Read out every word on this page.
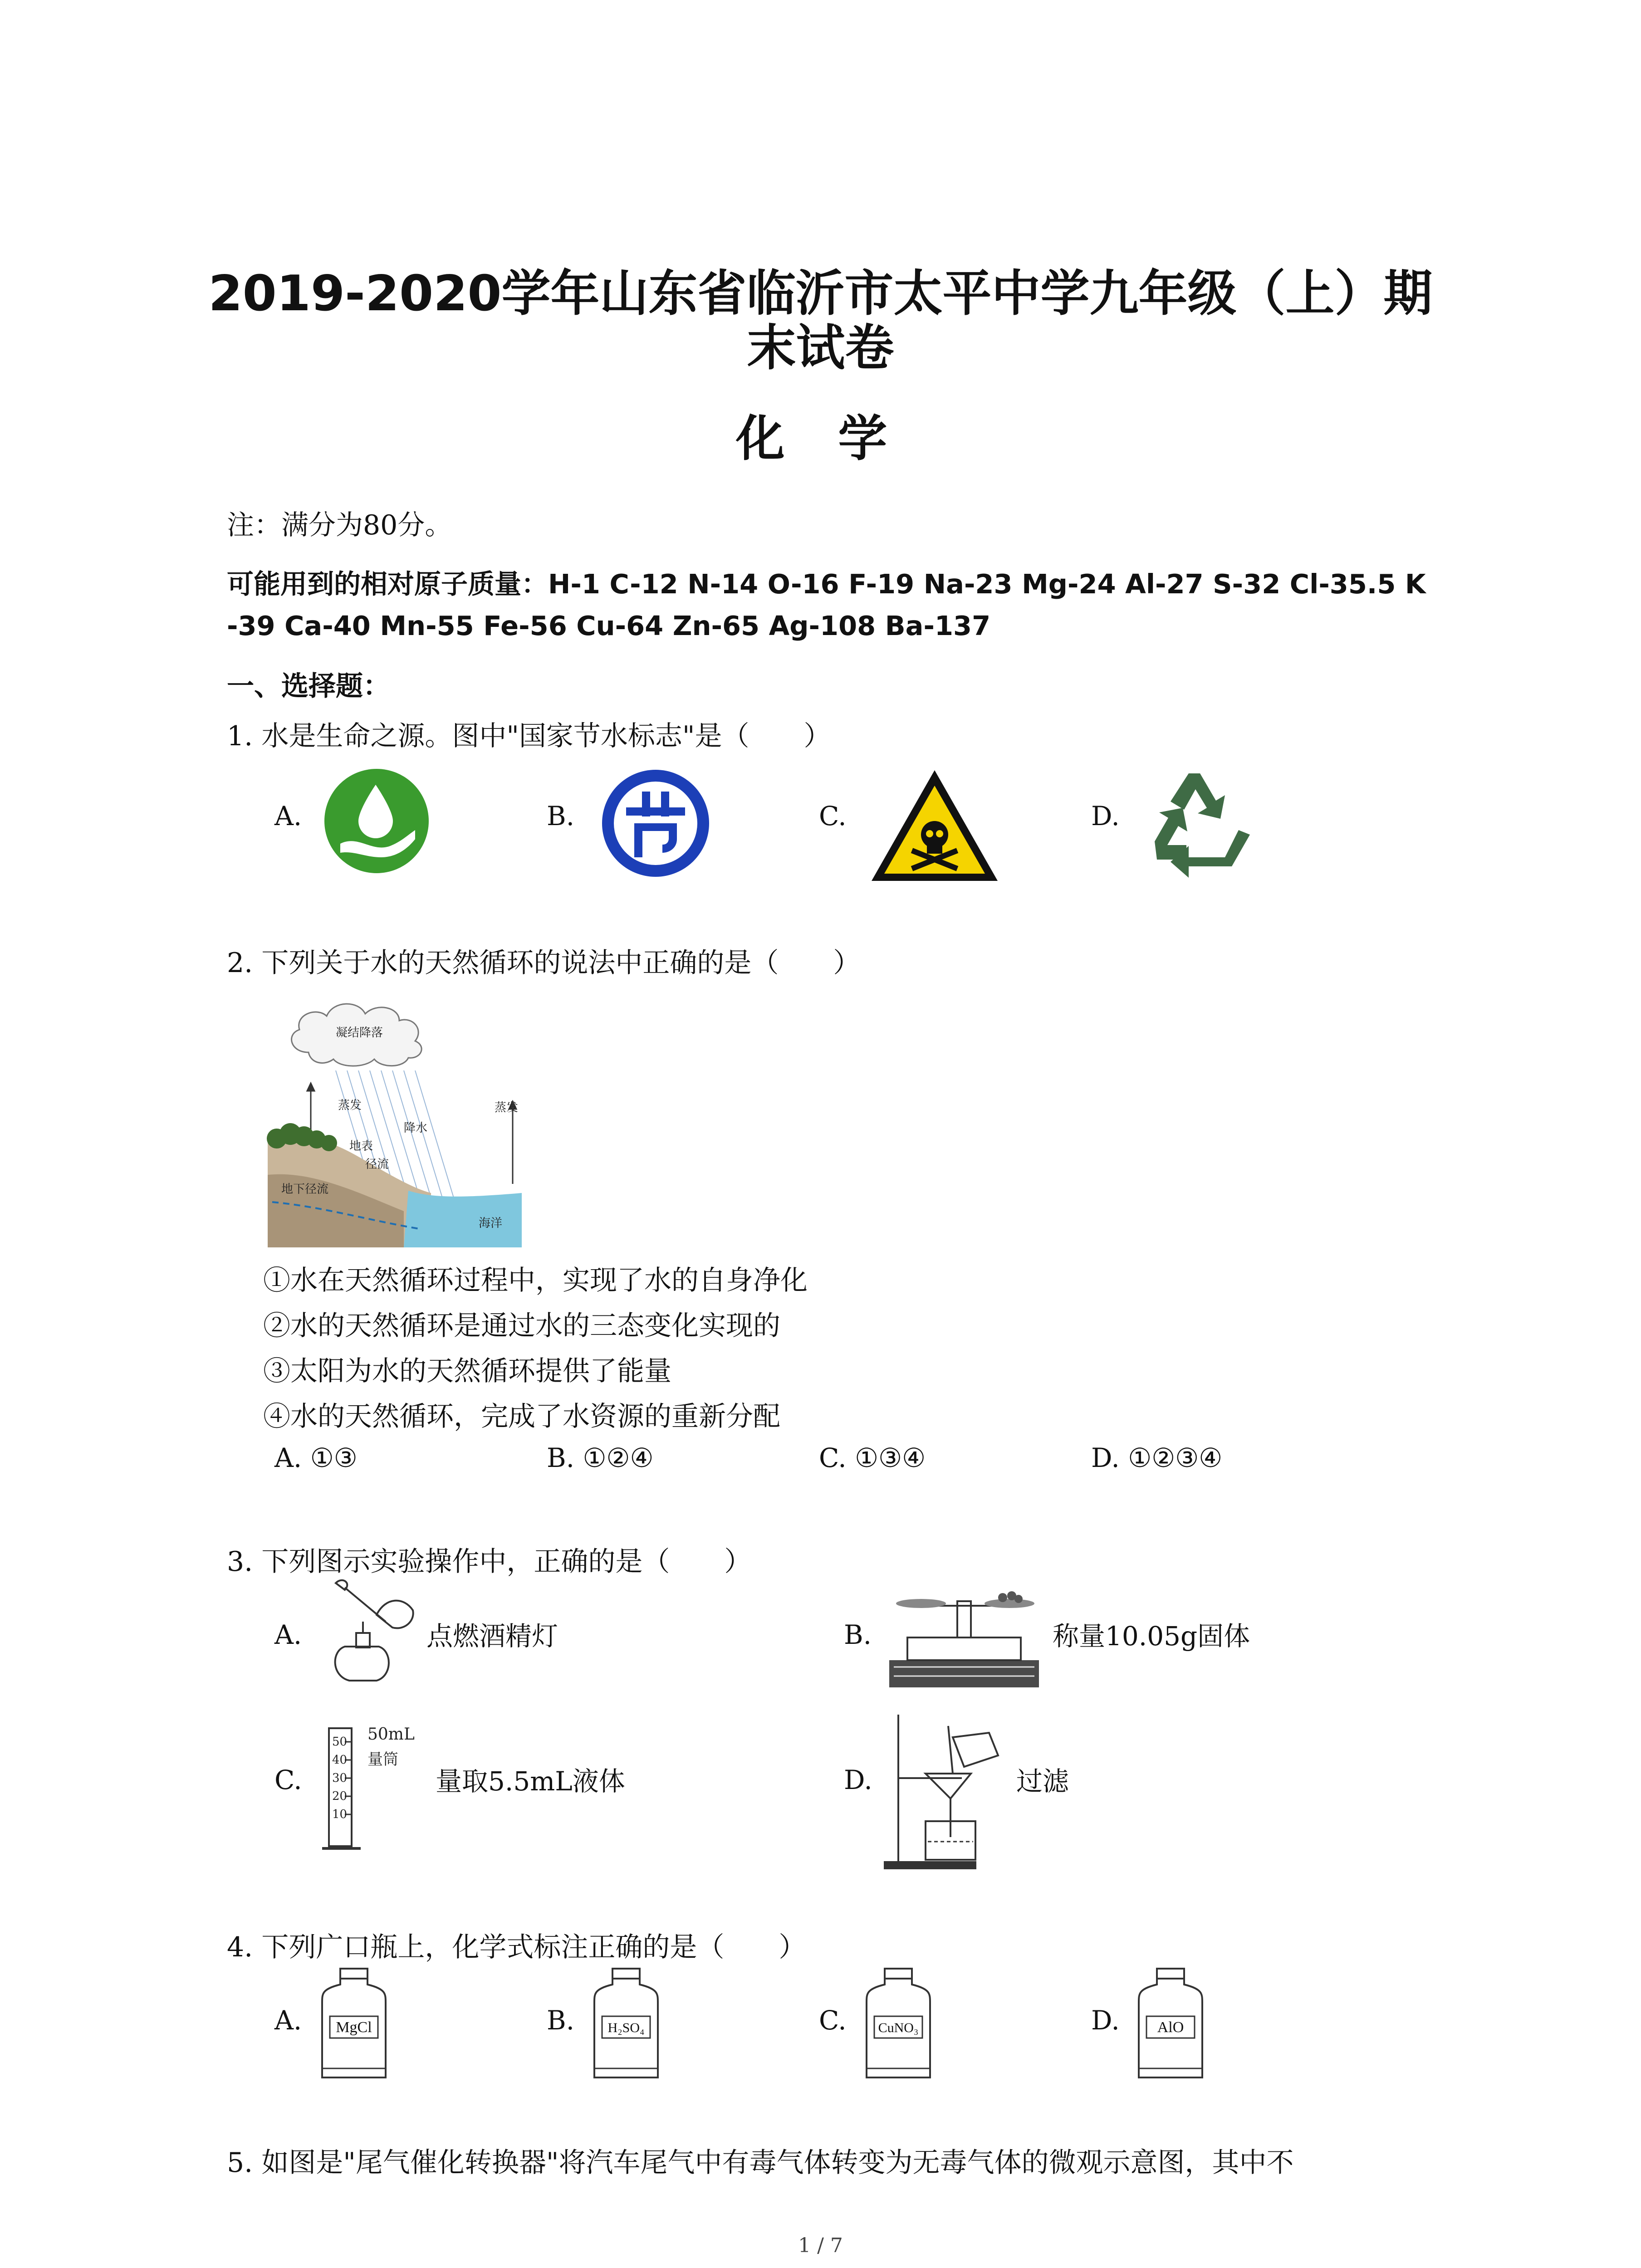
2019-2020学年山东省临沂市太平中学九年级（上）期
末试卷
化 学
注：满分为80分。
可能用到的相对原子质量：H-1 C-12 N-14 O-16 F-19 Na-23 Mg-24 Al-27 S-32 Cl-35.5 K
-39 Ca-40 Mn-55 Fe-56 Cu-64 Zn-65 Ag-108 Ba-137
一、选择题：
1. 水是生命之源。图中"国家节水标志"是（　　）
A.	B.	C.	D.
2. 下列关于水的天然循环的说法中正确的是（　　）
凝结降落
蒸发
降水
蒸发
地表
径流
地下径流
海洋
①水在天然循环过程中，实现了水的自身净化
②水的天然循环是通过水的三态变化实现的
③太阳为水的天然循环提供了能量
④水的天然循环，完成了水资源的重新分配
A. ①③	B. ①②④	C. ①③④	D. ①②③④
3. 下列图示实验操作中，正确的是（　　）
A.	点燃酒精灯	B.	称量10.05g固体
C.
50
40
30
20
10
50mL
量筒
量取5.5mL液体	D.	过滤
4. 下列广口瓶上，化学式标注正确的是（　　）
A.	B.	C.	D.
MgCl	H₂SO₄	CuNO₃	AlO
5. 如图是"尾气催化转换器"将汽车尾气中有毒气体转变为无毒气体的微观示意图，其中不
1 / 7
